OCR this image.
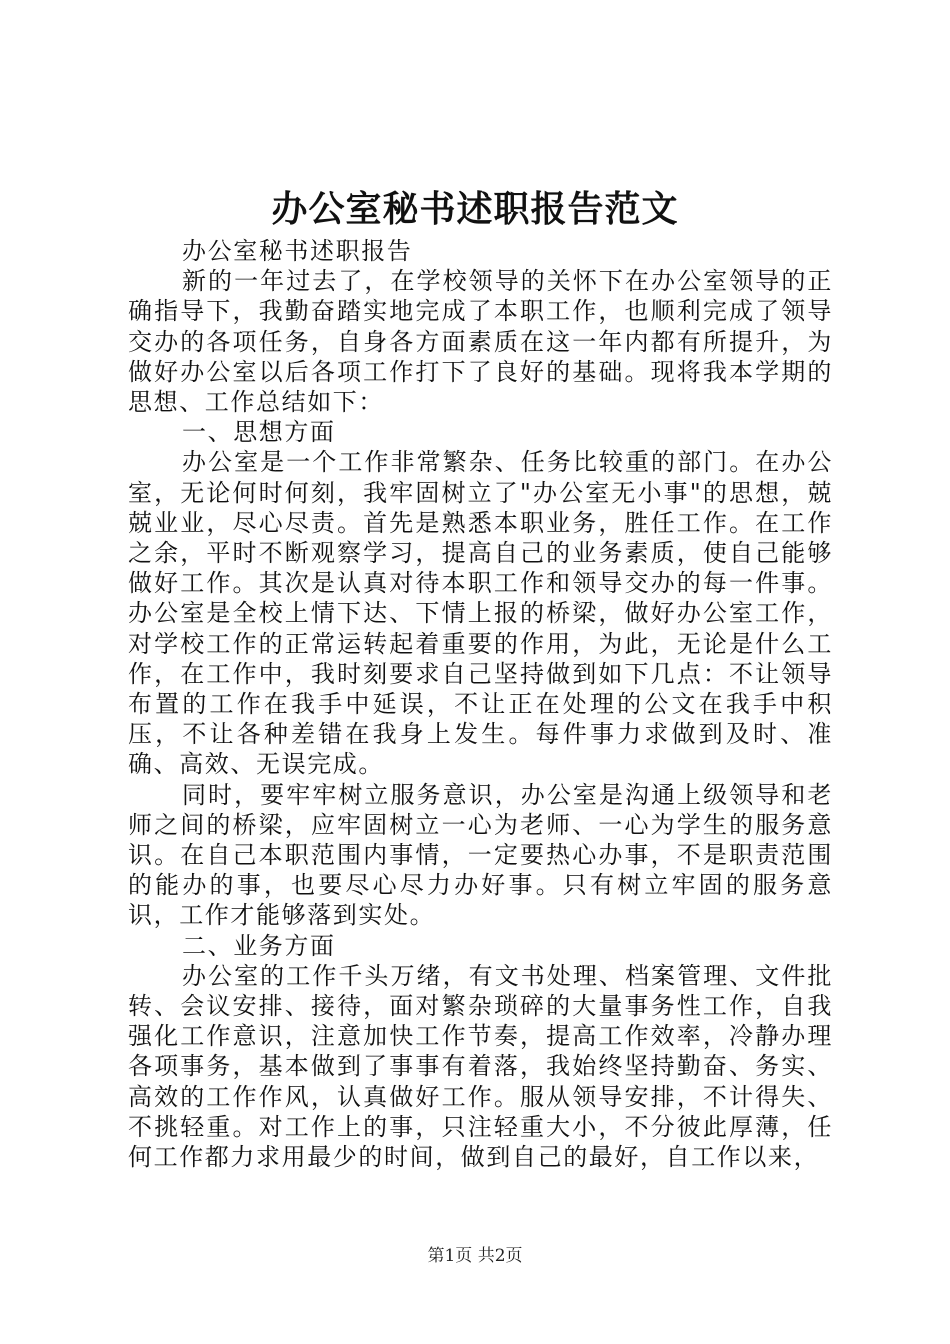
办公室秘书述职报告范文

办公室秘书述职报告

新的一年过去了，在学校领导的关怀下在办公室领导的正确指导下，我勤奋踏实地完成了本职工作，也顺利完成了领导交办的各项任务，自身各方面素质在这一年内都有所提升，为做好办公室以后各项工作打下了良好的基础。现将我本学期的思想、工作总结如下：

一、思想方面

办公室是一个工作非常繁杂、任务比较重的部门。在办公室，无论何时何刻，我牢固树立了"办公室无小事"的思想，兢兢业业，尽心尽责。首先是熟悉本职业务，胜任工作。在工作之余，平时不断观察学习，提高自己的业务素质，使自己能够做好工作。其次是认真对待本职工作和领导交办的每一件事。办公室是全校上情下达、下情上报的桥梁，做好办公室工作，对学校工作的正常运转起着重要的作用，为此，无论是什么工作，在工作中，我时刻要求自己坚持做到如下几点：不让领导布置的工作在我手中延误，不让正在处理的公文在我手中积压，不让各种差错在我身上发生。每件事力求做到及时、准确、高效、无误完成。

同时，要牢牢树立服务意识，办公室是沟通上级领导和老师之间的桥梁，应牢固树立一心为老师、一心为学生的服务意识。在自己本职范围内事情，一定要热心办事，不是职责范围的能办的事，也要尽心尽力办好事。只有树立牢固的服务意识，工作才能够落到实处。

二、业务方面

办公室的工作千头万绪，有文书处理、档案管理、文件批转、会议安排、接待，面对繁杂琐碎的大量事务性工作，自我强化工作意识，注意加快工作节奏，提高工作效率，冷静办理各项事务，基本做到了事事有着落，我始终坚持勤奋、务实、高效的工作作风，认真做好工作。服从领导安排，不计得失、不挑轻重。对工作上的事，只注轻重大小，不分彼此厚薄，任何工作都力求用最少的时间，做到自己的最好，自工作以来，

第1页 共2页
